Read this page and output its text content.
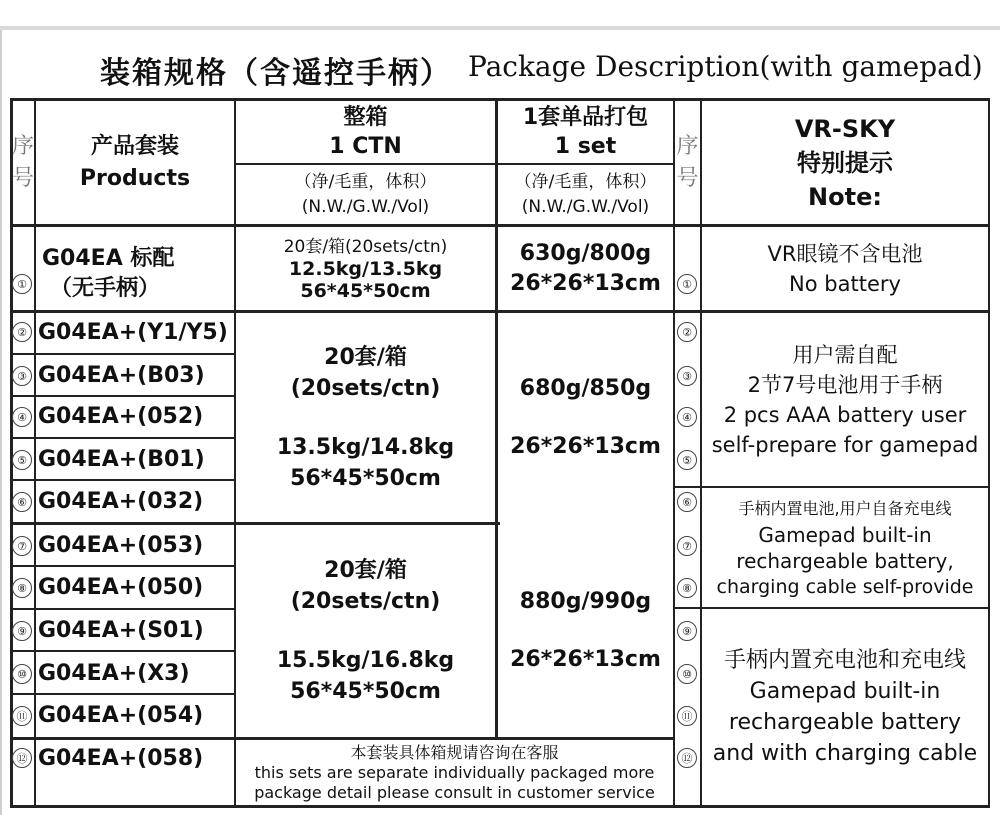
装箱规格（含遥控手柄） Package Description(with gamepad)
序
号
产品套装
Products
整箱
1 CTN
（净/毛重，体积）
(N.W./G.W./Vol)
1套单品打包
1 set
（净/毛重，体积）
(N.W./G.W./Vol)
序
号
VR-SKY
特别提示
Note:
①
②
③
④
⑤
⑥
⑦
⑧
⑨
⑩
⑪
⑫
G04EA 标配
（无手柄）
G04EA+(Y1/Y5)
G04EA+(B03)
G04EA+(052)
G04EA+(B01)
G04EA+(032)
G04EA+(053)
G04EA+(050)
G04EA+(S01)
G04EA+(X3)
G04EA+(054)
G04EA+(058)
20套/箱(20sets/ctn)
12.5kg/13.5kg
56*45*50cm
20套/箱
(20sets/ctn)
13.5kg/14.8kg
56*45*50cm
20套/箱
(20sets/ctn)
15.5kg/16.8kg
56*45*50cm
630g/800g
26*26*13cm
680g/850g
26*26*13cm
880g/990g
26*26*13cm
本套装具体箱规请咨询在客服
this sets are separate individually packaged more
package detail please consult in customer service
①
②
③
④
⑤
⑥
⑦
⑧
⑨
⑩
⑪
⑫
VR眼镜不含电池
No battery
用户需自配
2节7号电池用于手柄
2 pcs AAA battery user
self-prepare for gamepad
手柄内置电池,用户自备充电线
Gamepad built-in
rechargeable battery,
charging cable self-provide
手柄内置充电池和充电线
Gamepad built-in
rechargeable battery
and with charging cable
